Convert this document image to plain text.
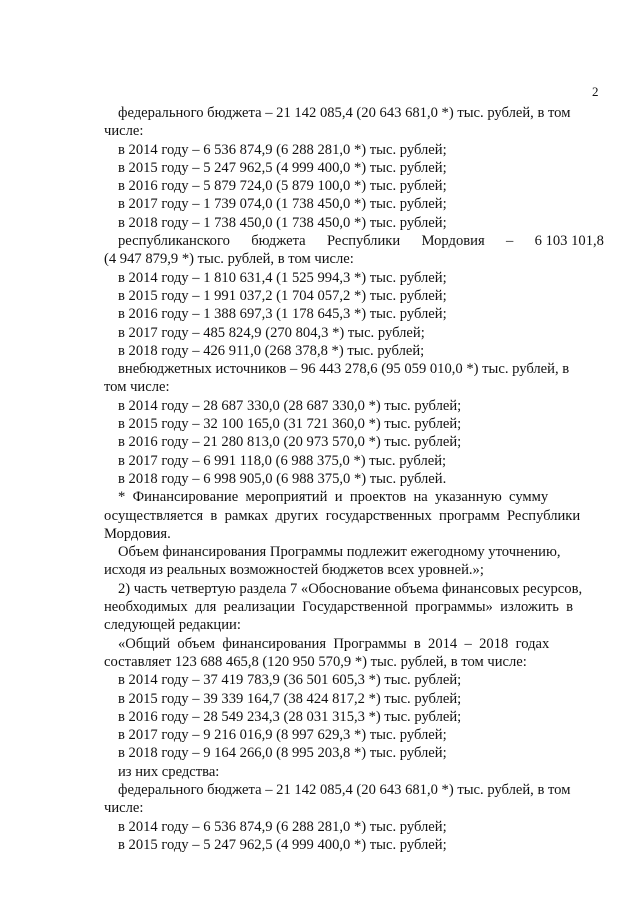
2
федерального бюджета – 21 142 085,4 (20 643 681,0 *) тыс. рублей, в том
числе:
в 2014 году – 6 536 874,9 (6 288 281,0 *) тыс. рублей;
в 2015 году – 5 247 962,5 (4 999 400,0 *) тыс. рублей;
в 2016 году – 5 879 724,0 (5 879 100,0 *) тыс. рублей;
в 2017 году – 1 739 074,0 (1 738 450,0 *) тыс. рублей;
в 2018 году – 1 738 450,0 (1 738 450,0 *) тыс. рублей;
республиканского бюджета Республики Мордовия – 6 103 101,8
(4 947 879,9 *) тыс. рублей, в том числе:
в 2014 году – 1 810 631,4 (1 525 994,3 *) тыс. рублей;
в 2015 году – 1 991 037,2 (1 704 057,2 *) тыс. рублей;
в 2016 году – 1 388 697,3 (1 178 645,3 *) тыс. рублей;
в 2017 году – 485 824,9 (270 804,3 *) тыс. рублей;
в 2018 году – 426 911,0 (268 378,8 *) тыс. рублей;
внебюджетных источников – 96 443 278,6 (95 059 010,0 *) тыс. рублей, в
том числе:
в 2014 году – 28 687 330,0 (28 687 330,0 *) тыс. рублей;
в 2015 году – 32 100 165,0 (31 721 360,0 *) тыс. рублей;
в 2016 году – 21 280 813,0 (20 973 570,0 *) тыс. рублей;
в 2017 году – 6 991 118,0 (6 988 375,0 *) тыс. рублей;
в 2018 году – 6 998 905,0 (6 988 375,0 *) тыс. рублей.
*  Финансирование  мероприятий  и  проектов  на  указанную  сумму
осуществляется  в  рамках  других  государственных  программ  Республики
Мордовия.
Объем финансирования Программы подлежит ежегодному уточнению,
исходя из реальных возможностей бюджетов всех уровней.»;
2) часть четвертую раздела 7 «Обоснование объема финансовых ресурсов,
необходимых  для  реализации  Государственной  программы»  изложить  в
следующей редакции:
«Общий  объем  финансирования  Программы  в  2014  –  2018  годах
составляет 123 688 465,8 (120 950 570,9 *) тыс. рублей, в том числе:
в 2014 году – 37 419 783,9 (36 501 605,3 *) тыс. рублей;
в 2015 году – 39 339 164,7 (38 424 817,2 *) тыс. рублей;
в 2016 году – 28 549 234,3 (28 031 315,3 *) тыс. рублей;
в 2017 году – 9 216 016,9 (8 997 629,3 *) тыс. рублей;
в 2018 году – 9 164 266,0 (8 995 203,8 *) тыс. рублей;
из них средства:
федерального бюджета – 21 142 085,4 (20 643 681,0 *) тыс. рублей, в том
числе:
в 2014 году – 6 536 874,9 (6 288 281,0 *) тыс. рублей;
в 2015 году – 5 247 962,5 (4 999 400,0 *) тыс. рублей;
